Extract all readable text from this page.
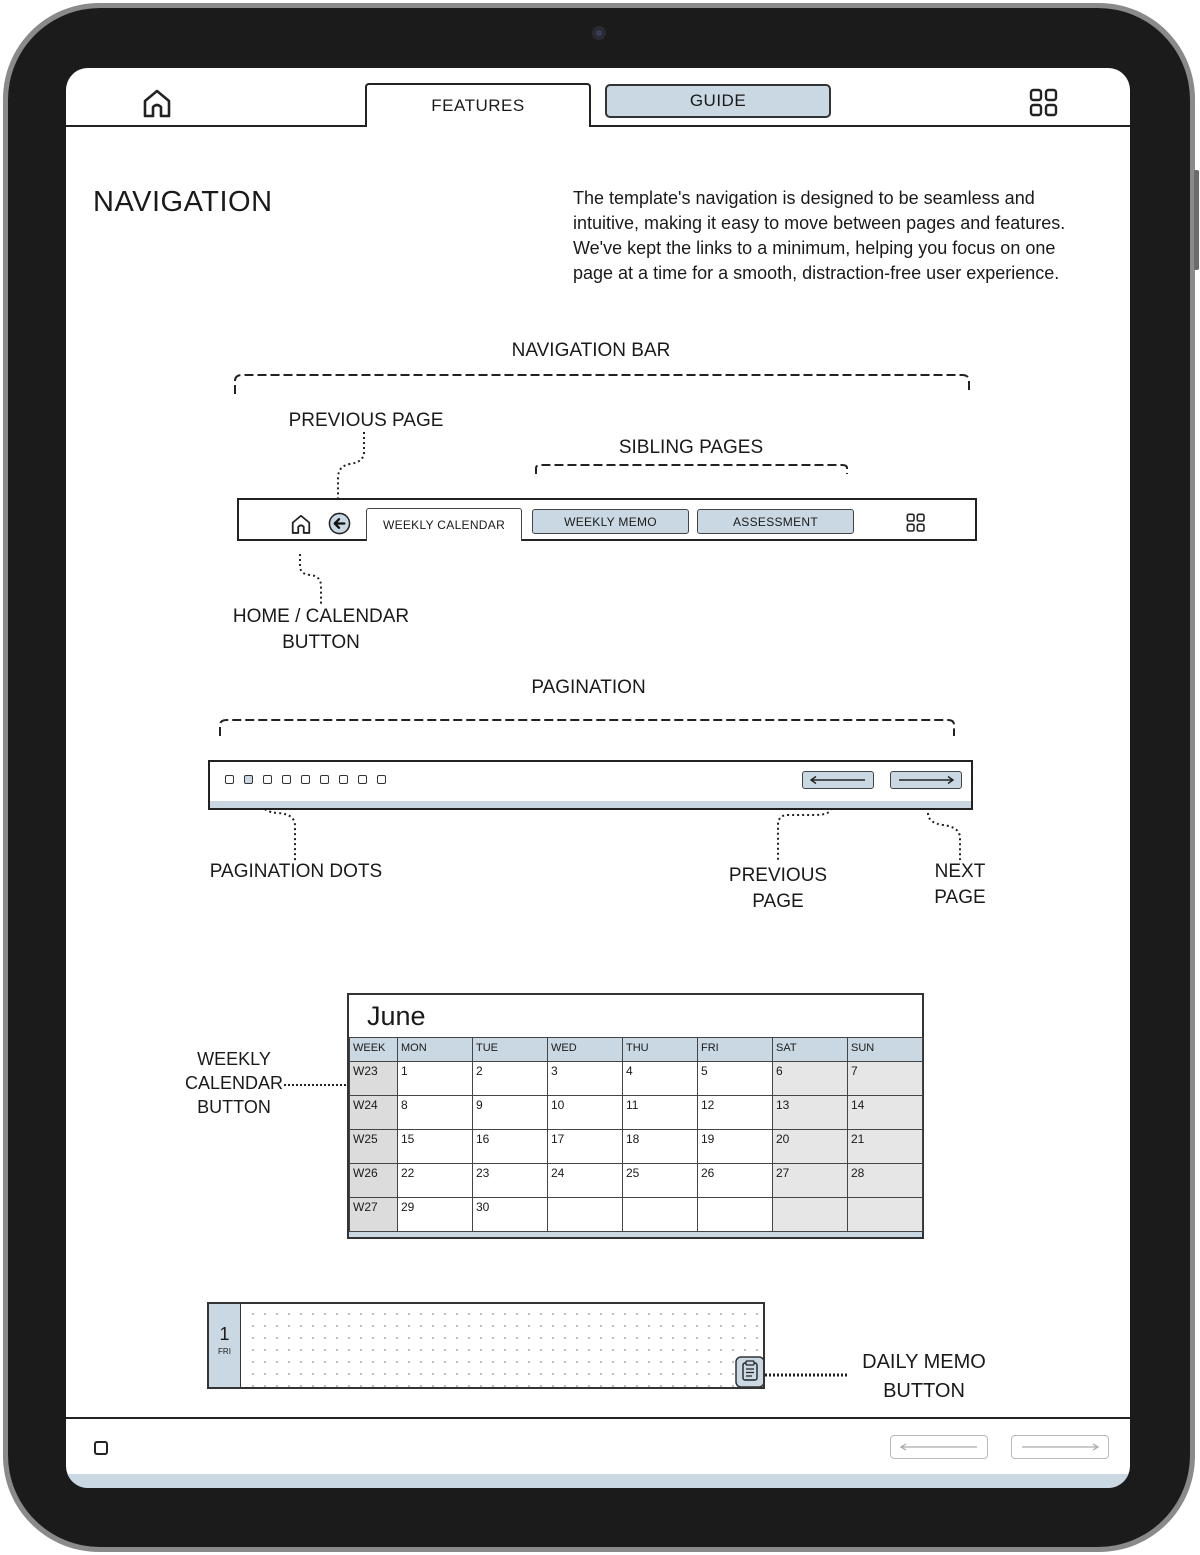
FEATURES	GUIDE
NAVIGATION	The template's navigation is designed to be seamless and intuitive, making it easy to move between pages and features. We've kept the links to a minimum, helping you focus on one page at a time for a smooth, distraction-free user experience.
NAVIGATION BAR
PREVIOUS PAGE
SIBLING PAGES
WEEKLY CALENDAR	WEEKLY MEMO	ASSESSMENT
HOME / CALENDAR
BUTTON
PAGINATION
PAGINATION DOTS	PREVIOUS
PAGE
NEXT
PAGE
WEEKLY
CALENDAR
BUTTON
June
WEEK	MON	TUE	WED	THU	FRI	SAT	SUN
W23	1	2	3	4	5	6	7
W24	8	9	10	11	12	13	14
W25	15	16	17	18	19	20	21
W26	22	23	24	25	26	27	28
W27	29	30					
1
FRI	DAILY MEMO
BUTTON
